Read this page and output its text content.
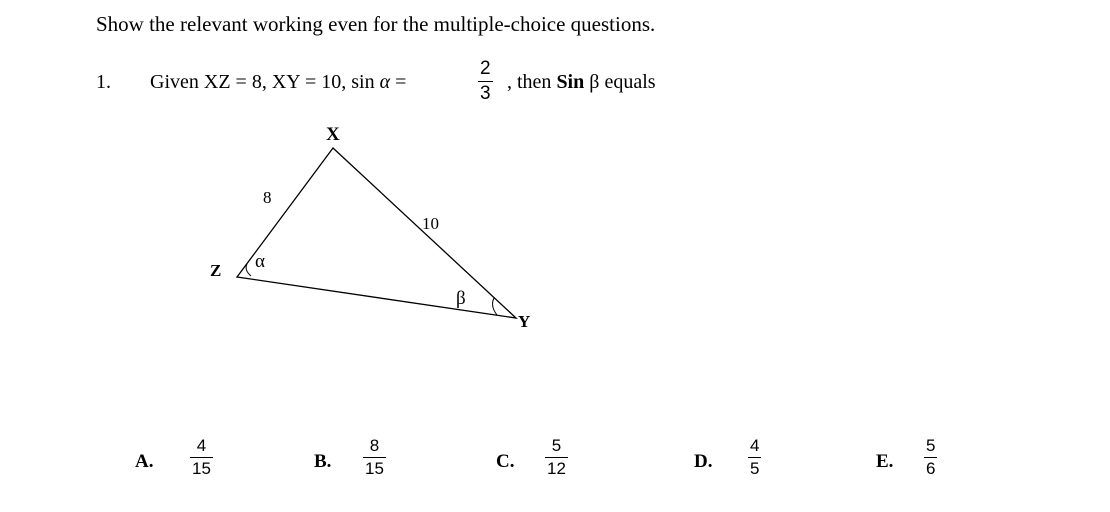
Show the relevant working even for the multiple-choice questions.
1. Given XZ = 8, XY = 10, sin α =
2
3
, then Sin β equals
X
Y
Z
8
10
α
β
A.
4
15	B.
8
15	C.
5
12	D.
4
5	E.
5
6
